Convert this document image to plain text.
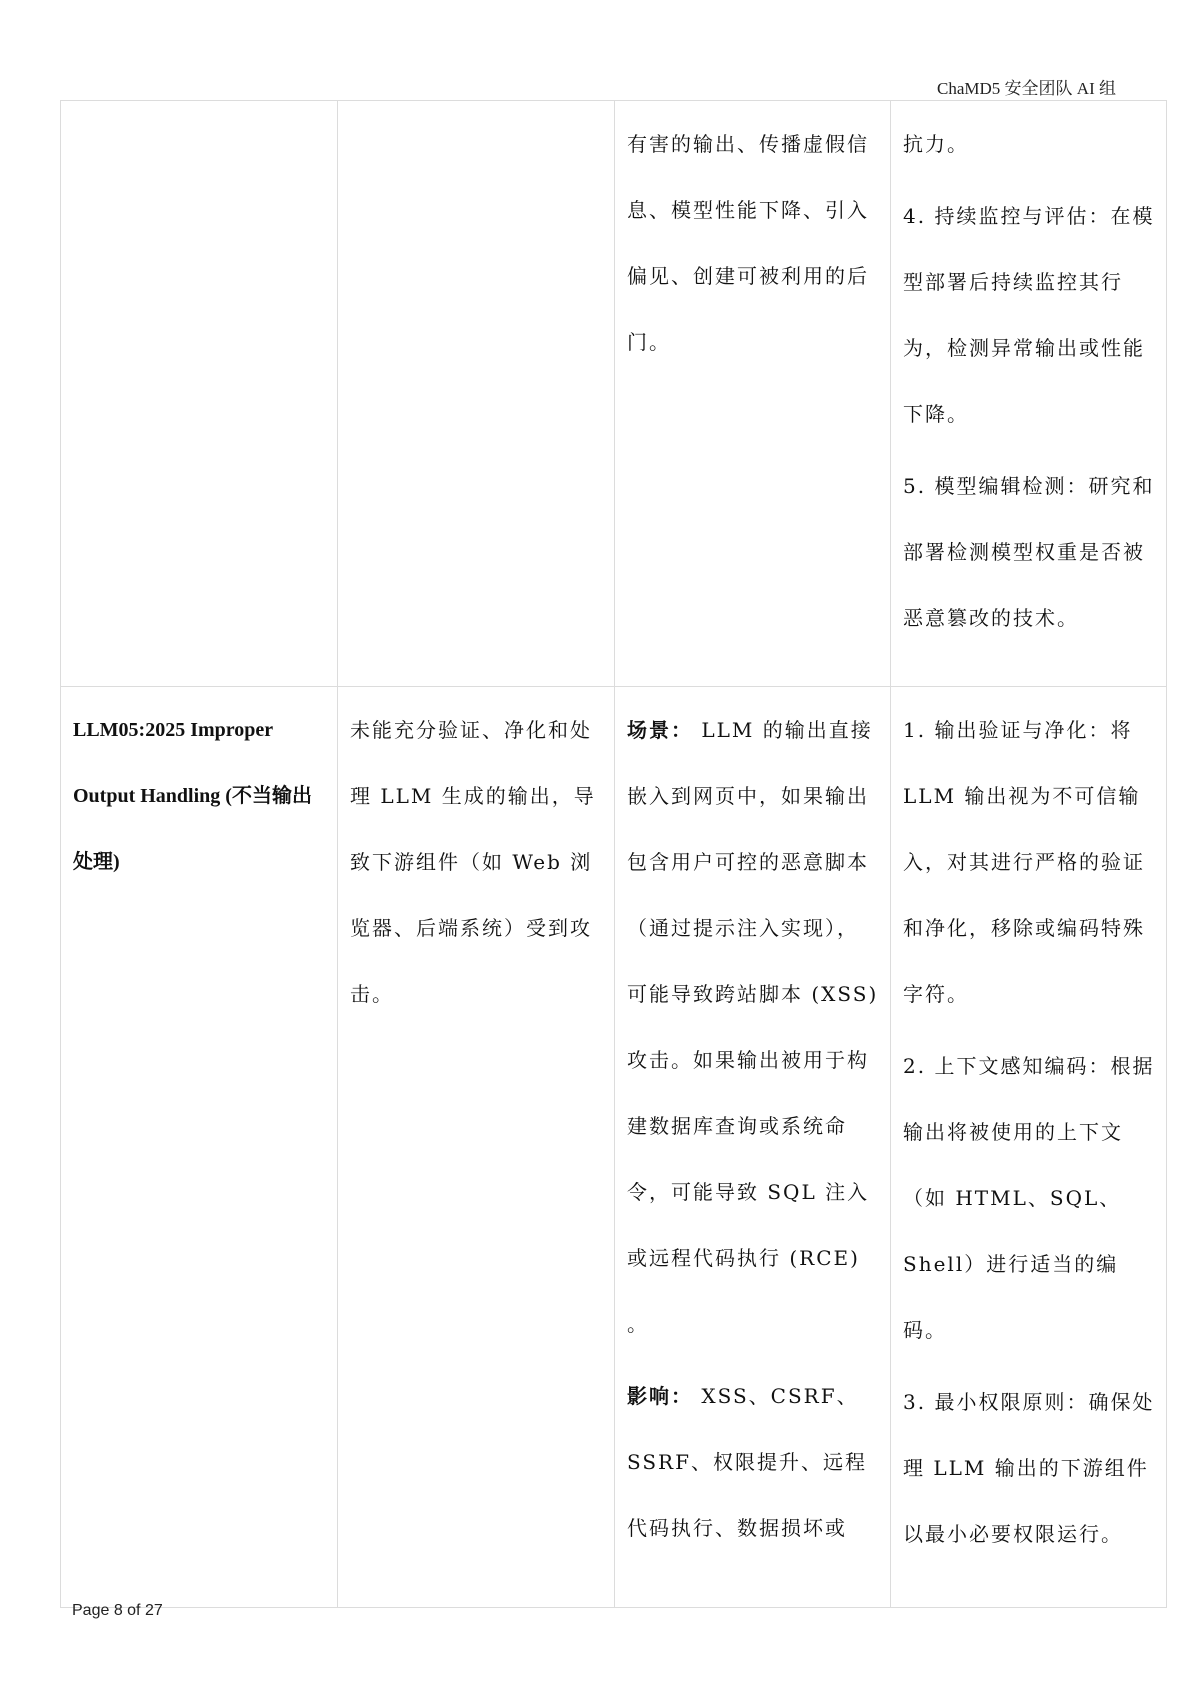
ChaMD5 安全团队 AI 组
		有害的输出、传播虚假信息、模型性能下降、引入偏见、创建可被利用的后门。	抗力。
4. 持续监控与评估：在模型部署后持续监控其行为，检测异常输出或性能下降。
5. 模型编辑检测：研究和部署检测模型权重是否被恶意篡改的技术。

LLM05:2025 Improper Output Handling (不当输出处理)	未能充分验证、净化和处理 LLM 生成的输出，导致下游组件（如 Web 浏览器、后端系统）受到攻击。	场景： LLM 的输出直接嵌入到网页中，如果输出包含用户可控的恶意脚本（通过提示注入实现），可能导致跨站脚本 (XSS) 攻击。如果输出被用于构建数据库查询或系统命令，可能导致 SQL 注入或远程代码执行 (RCE) 。
影响： XSS、CSRF、SSRF、权限提升、远程代码执行、数据损坏或	1. 输出验证与净化：将 LLM 输出视为不可信输入，对其进行严格的验证和净化，移除或编码特殊字符。
2. 上下文感知编码：根据输出将被使用的上下文（如 HTML、SQL、Shell）进行适当的编码。
3. 最小权限原则：确保处理 LLM 输出的下游组件以最小必要权限运行。
Page 8 of 27
